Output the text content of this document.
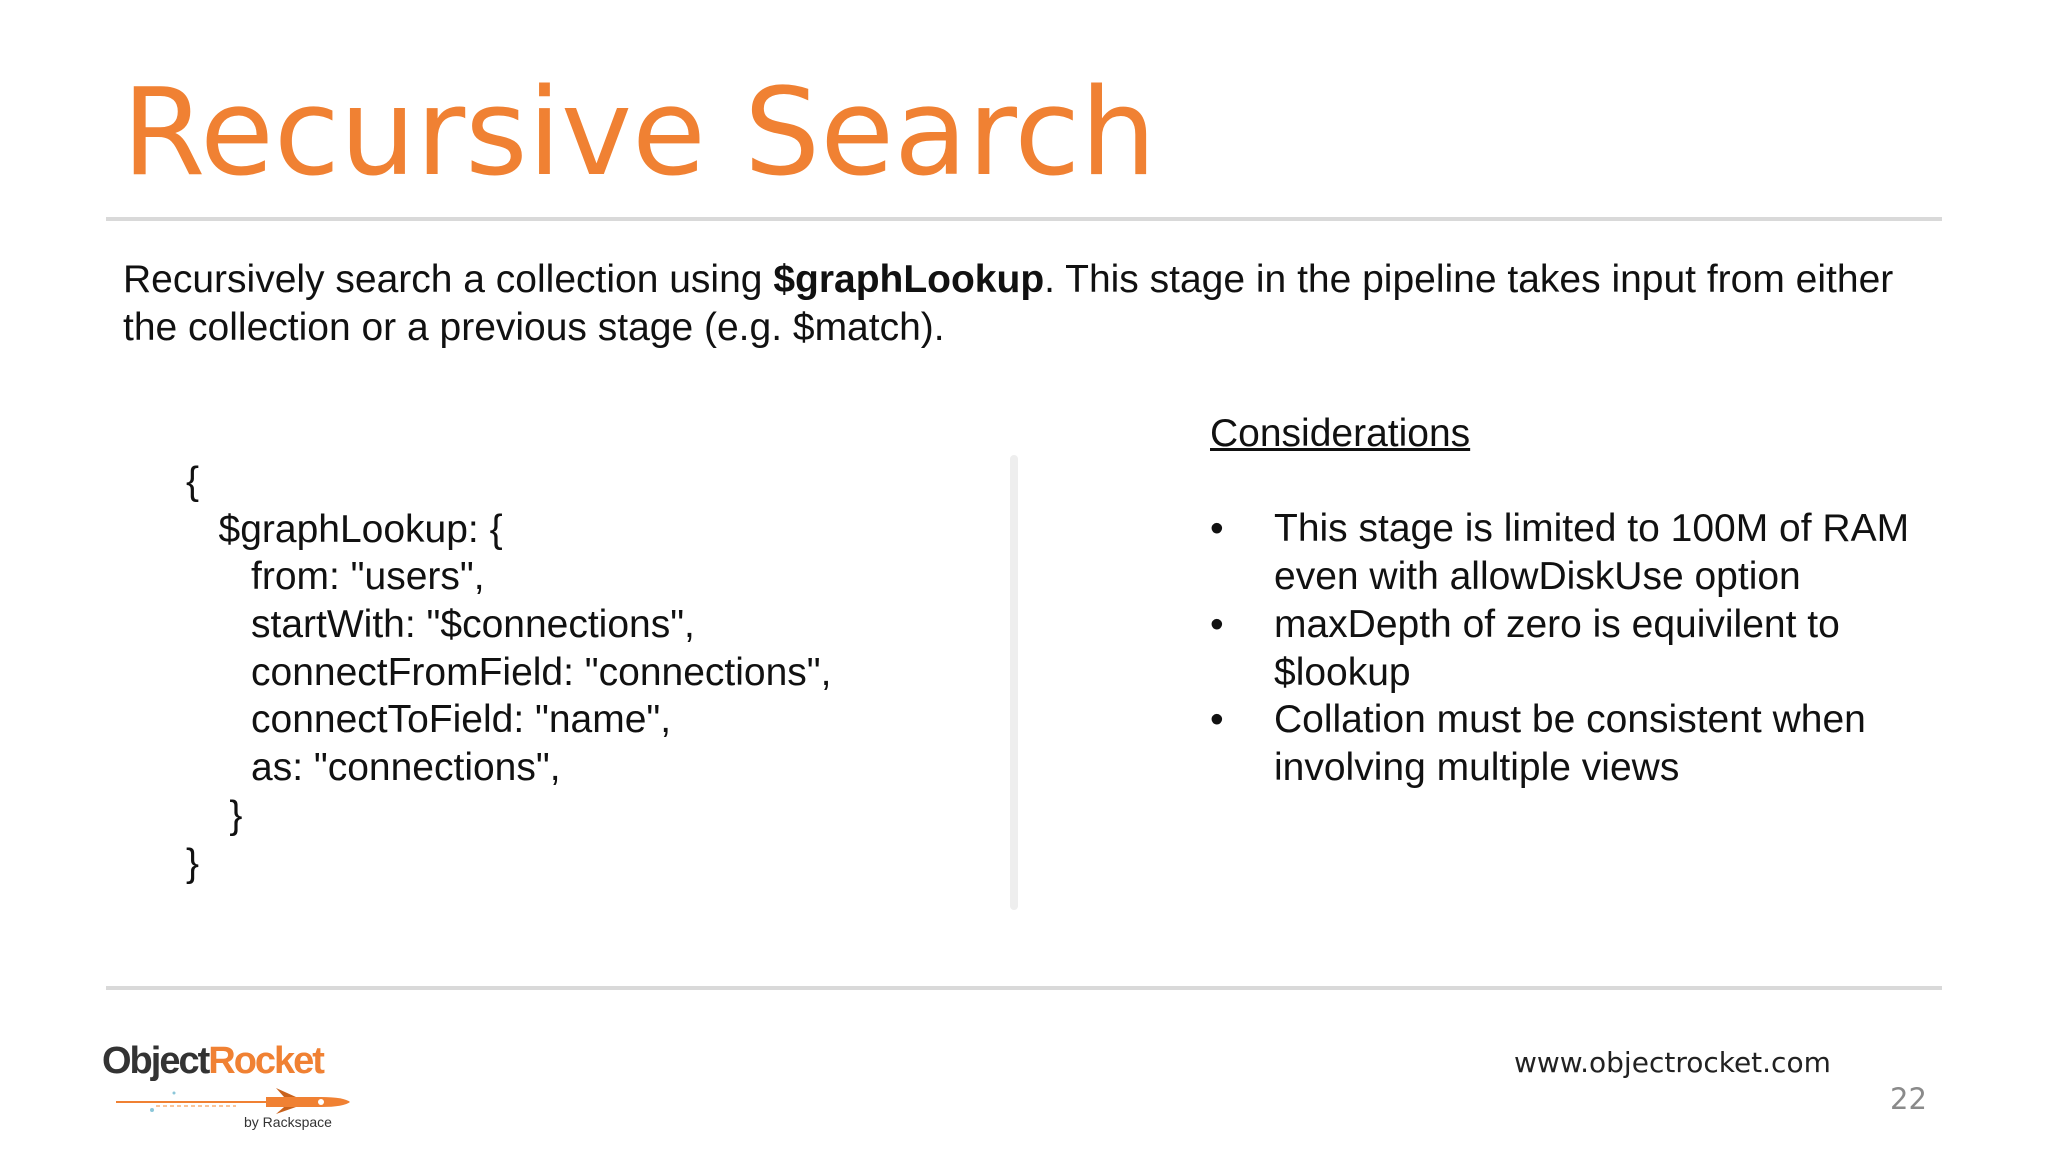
Recursive Search

Recursively search a collection using $graphLookup. This stage in the pipeline takes input from either the collection or a previous stage (e.g. $match).

{
$graphLookup: {
from: "users",
startWith: "$connections",
connectFromField: "connections",
connectToField: "name",
as: "connections",
}
}
Considerations
• This stage is limited to 100M of RAM even with allowDiskUse option
• maxDepth of zero is equivilent to $lookup
• Collation must be consistent when involving multiple views
ObjectRocket
by Rackspace
www.objectrocket.com
22
